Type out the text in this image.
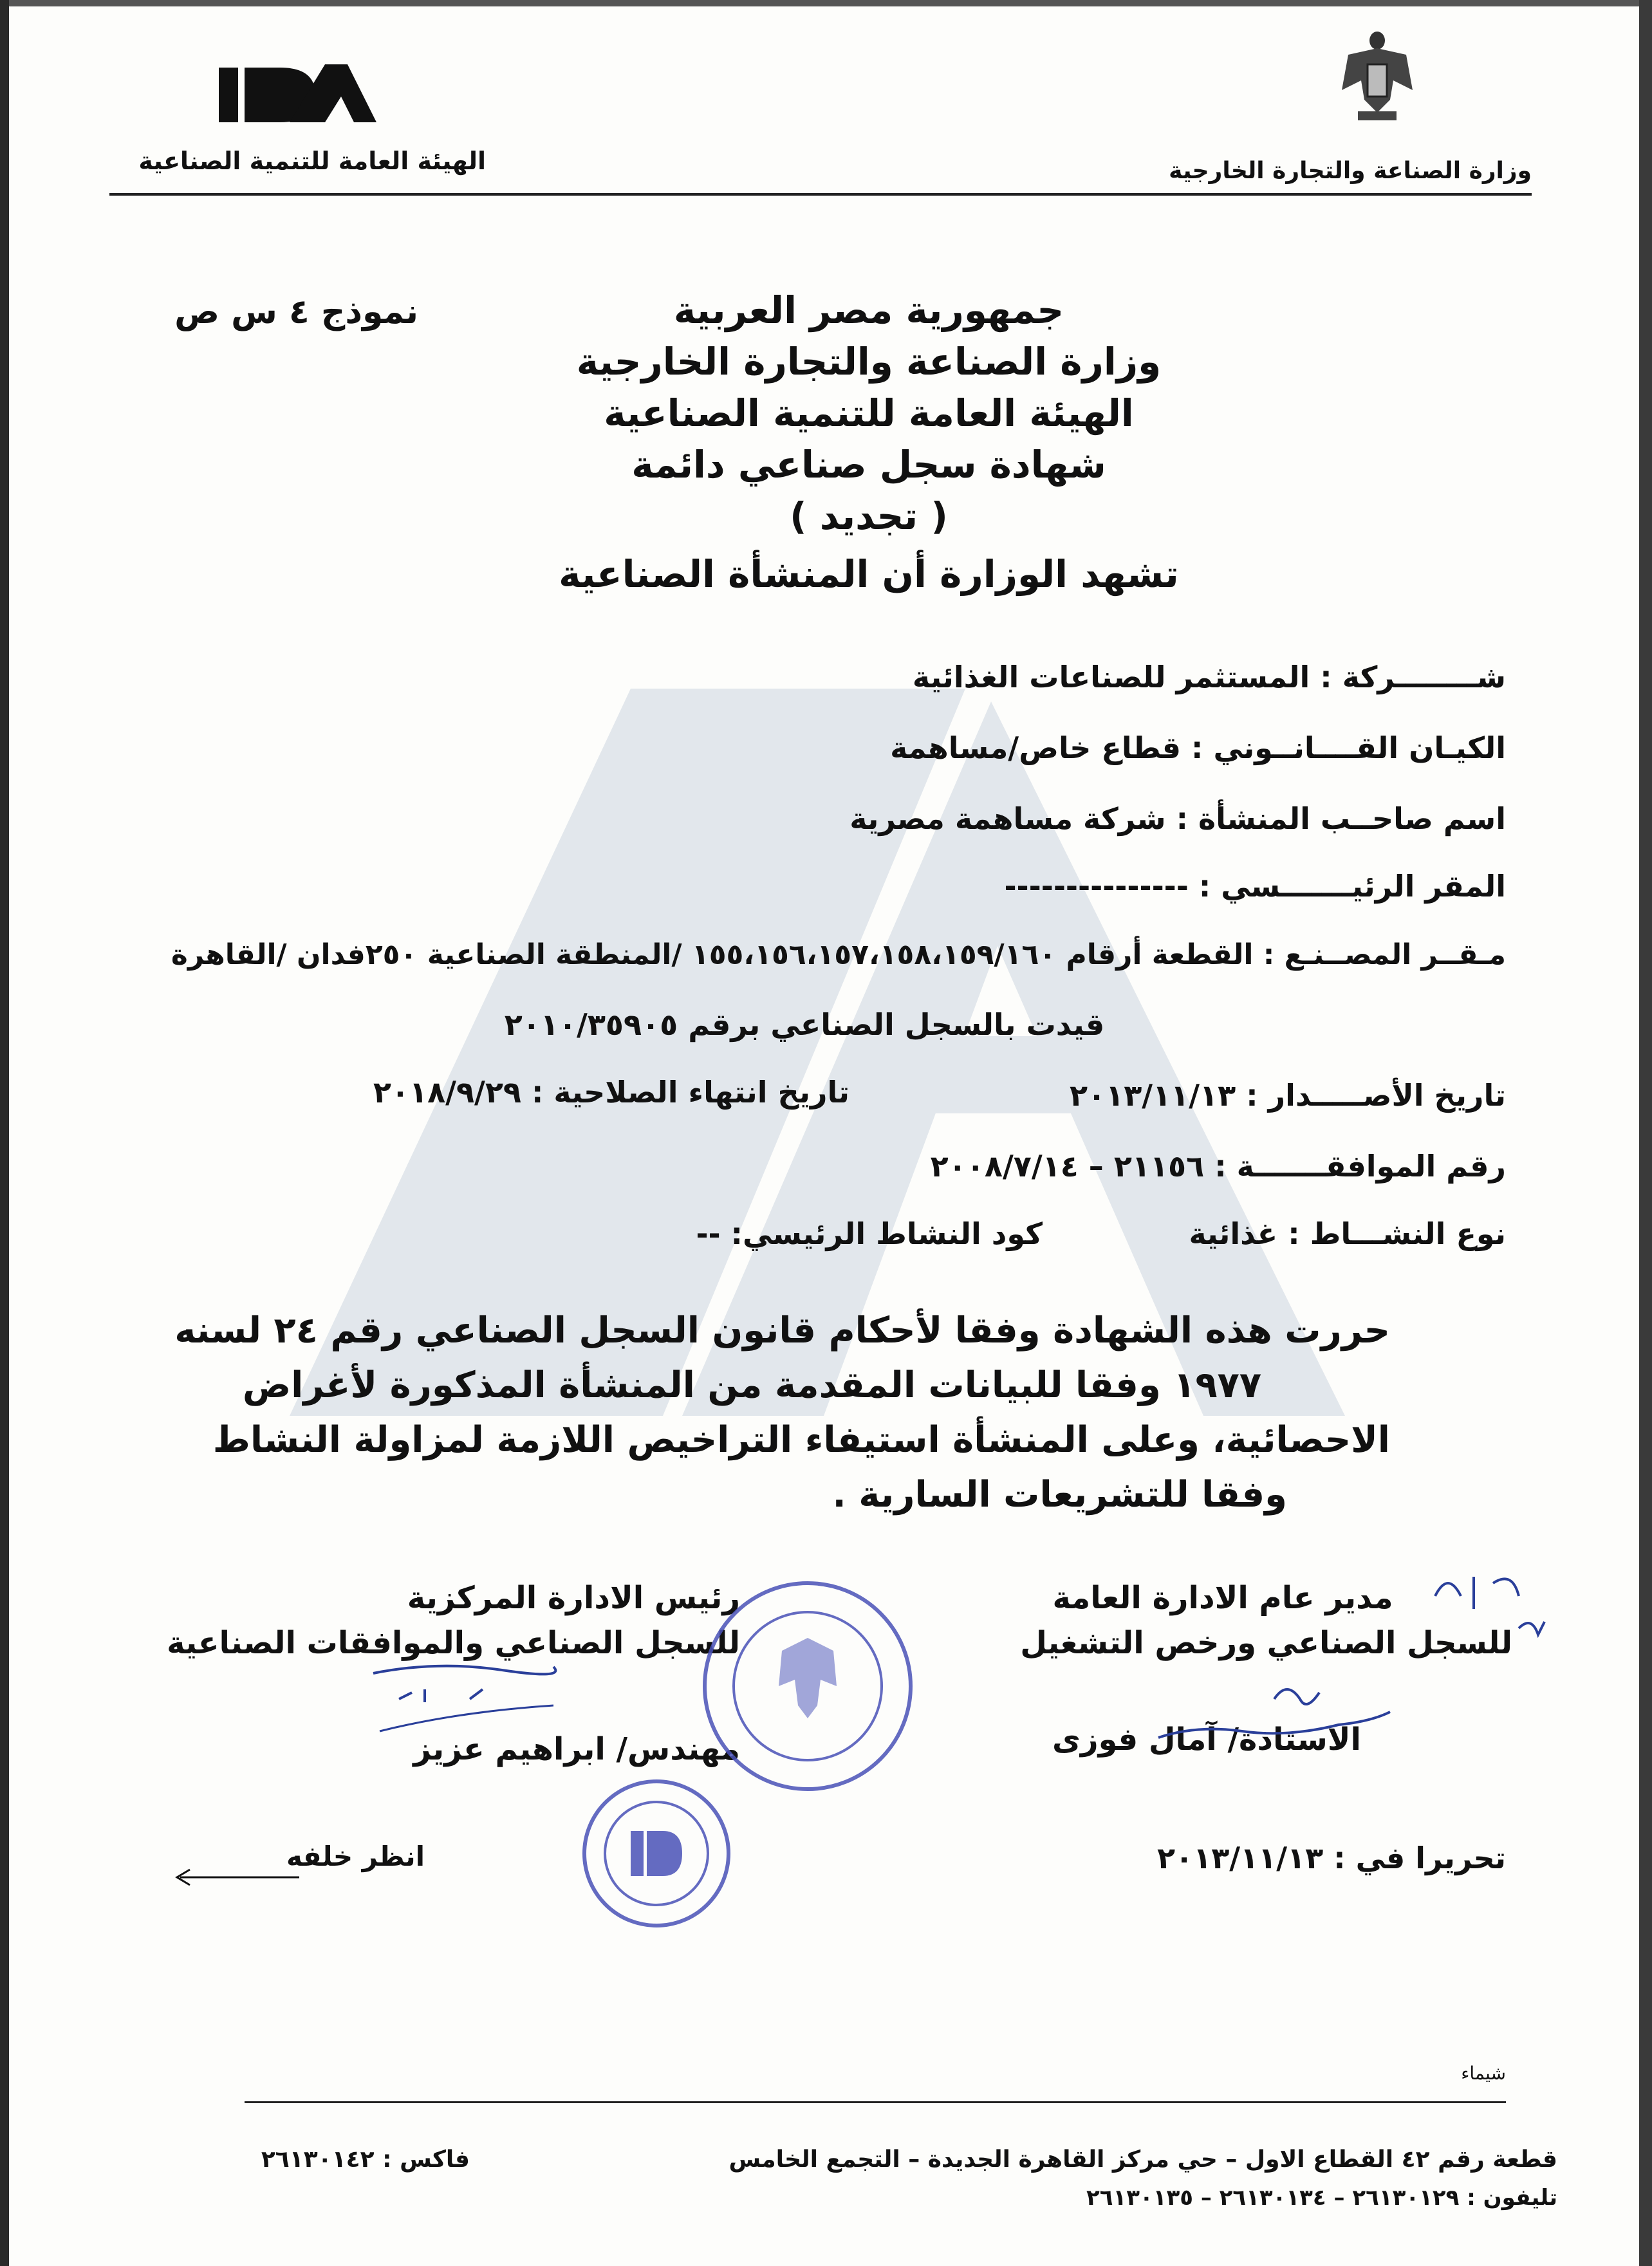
الهيئة العامة للتنمية الصناعية	وزارة الصناعة والتجارة الخارجية
نموذج ٤ س ص	جمهورية مصر العربية
وزارة الصناعة والتجارة الخارجية
الهيئة العامة للتنمية الصناعية
شهادة سجل صناعي دائمة
( تجديد )
تشهد الوزارة أن المنشأة الصناعية
شــــــــركة : المستثمر للصناعات الغذائية
الكيـان القــــانــوني : قطاع خاص/مساهمة
اسم صاحــب المنشأة : شركة مساهمة مصرية
المقر الرئيـــــــسي : ---------------
مـقــر المصــنـع : القطعة أرقام ١٥٥،١٥٦،١٥٧،١٥٨،١٥٩/١٦٠ /المنطقة الصناعية ٢٥٠فدان /القاهرة
قيدت بالسجل الصناعي برقم ٢٠١٠/٣٥٩٠٥
تاريخ الأصـــــدار : ٢٠١٣/١١/١٣
تاريخ انتهاء الصلاحية : ٢٠١٨/٩/٢٩
رقم الموافقـــــــة : ٢١١٥٦ – ٢٠٠٨/٧/١٤
نوع النشـــاط : غذائية
كود النشاط الرئيسي: --
حررت هذه الشهادة وفقا لأحكام قانون السجل الصناعي رقم ٢٤ لسنه
١٩٧٧ وفقا للبيانات المقدمة من المنشأة المذكورة لأغراض
الاحصائية، وعلى المنشأة استيفاء التراخيص اللازمة لمزاولة النشاط
وفقا للتشريعات السارية .
مدير عام الادارة العامة
للسجل الصناعي ورخص التشغيل
الاستاذة/ آمال فوزى
رئيس الادارة المركزية
للسجل الصناعي والموافقات الصناعية
مهندس/ ابراهيم عزيز
تحريرا في : ٢٠١٣/١١/١٣
انظر خلفه
شيماء
قطعة رقم ٤٢ القطاع الاول – حي مركز القاهرة الجديدة – التجمع الخامس
تليفون : ٢٦١٣٠١٢٩ – ٢٦١٣٠١٣٤ – ٢٦١٣٠١٣٥
فاكس : ٢٦١٣٠١٤٢
